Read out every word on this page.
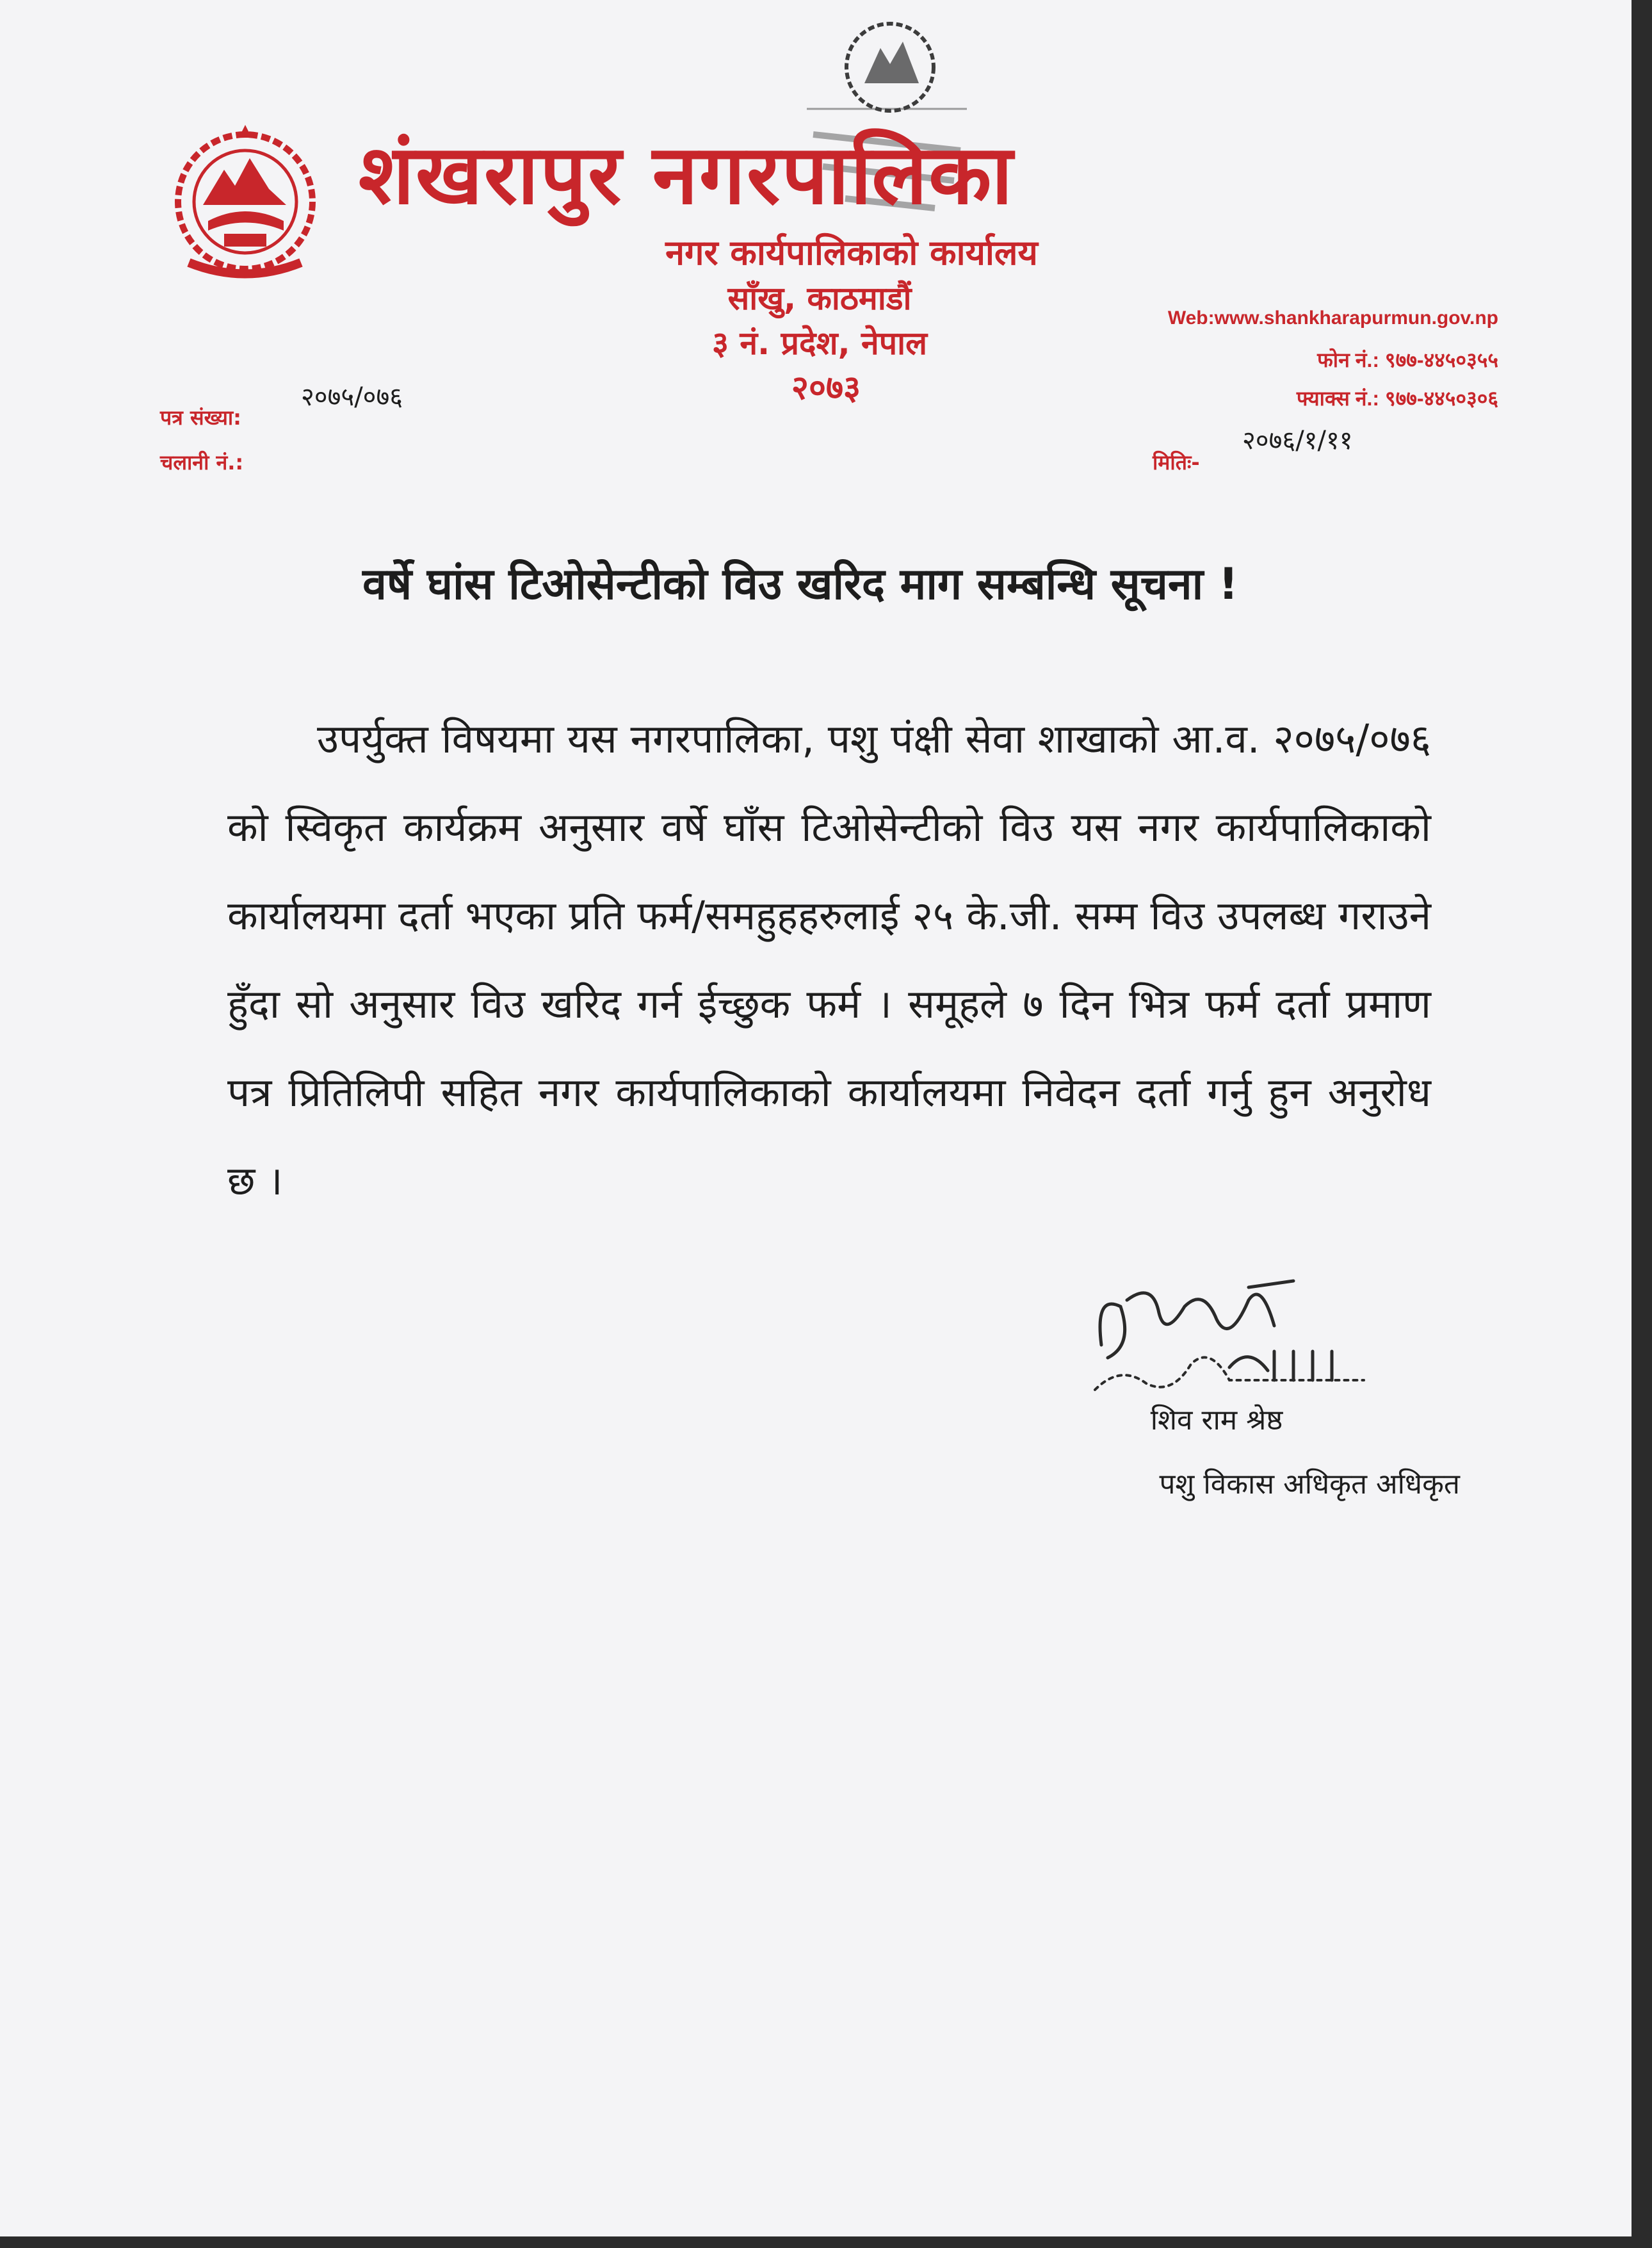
शंखरापुर नगरपालिका
नगर कार्यपालिकाको कार्यालय
साँखु, काठमाडौं
३ नं. प्रदेश, नेपाल
२०७३
Web:www.shankharapurmun.gov.np
फोन नं.: ९७७-४४५०३५५
फ्याक्स नं.: ९७७-४४५०३०६
पत्र संख्या:
२०७५/०७६
चलानी नं.:	मितिः-
२०७६/१/११
वर्षे घांस टिओसेन्टीको विउ खरिद माग सम्बन्धि सूचना !
उपर्युक्त विषयमा यस नगरपालिका, पशु पंक्षी सेवा शाखाको आ.व. २०७५/०७६ को स्विकृत कार्यक्रम अनुसार वर्षे घाँस टिओसेन्टीको विउ यस नगर कार्यपालिकाको कार्यालयमा दर्ता भएका प्रति फर्म/समहुहहरुलाई २५ के.जी. सम्म विउ उपलब्ध गराउने हुँदा सो अनुसार विउ खरिद गर्न ईच्छुक फर्म । समूहले ७ दिन भित्र फर्म दर्ता प्रमाण पत्र प्रितिलिपी सहित नगर कार्यपालिकाको कार्यालयमा निवेदन दर्ता गर्नु हुन अनुरोध छ ।
शिव राम श्रेष्ठ
पशु विकास अधिकृत अधिकृत
